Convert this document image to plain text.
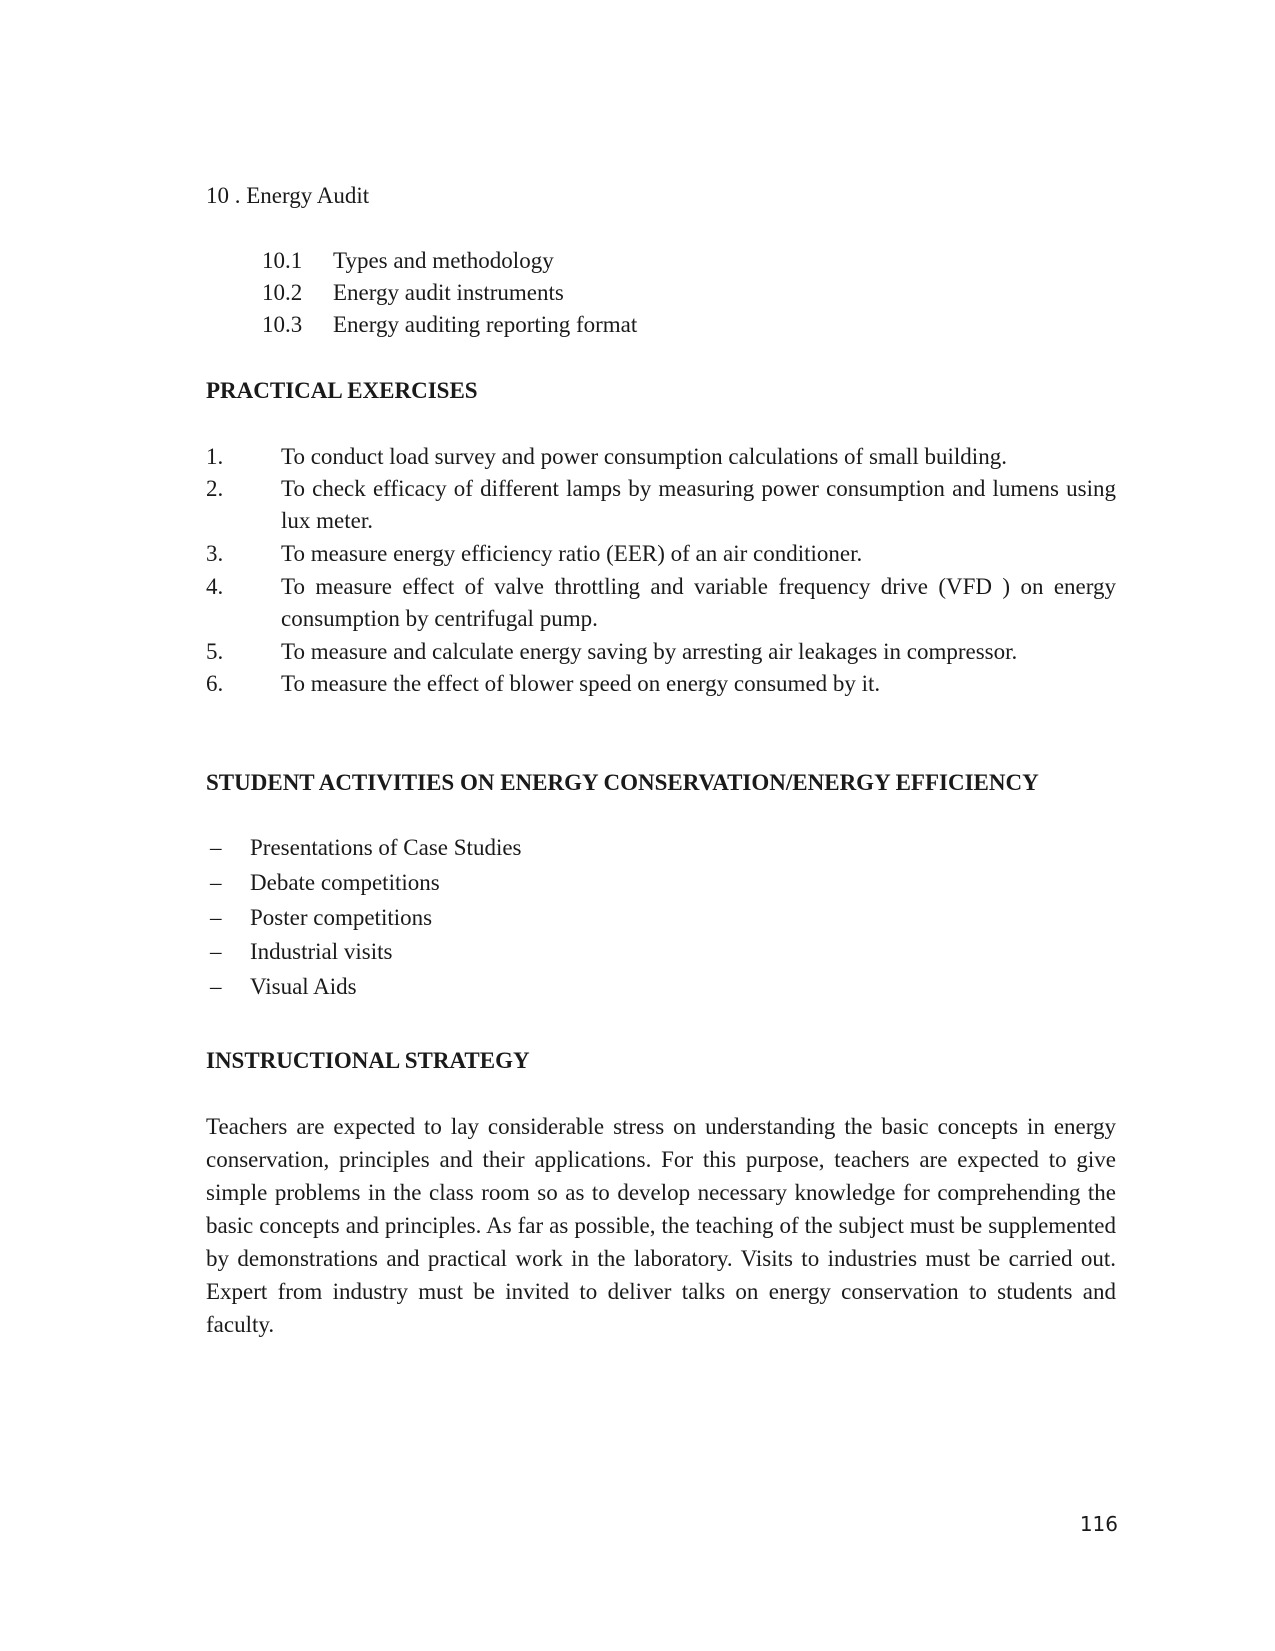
10 . Energy Audit
10.1 Types and methodology
10.2 Energy audit instruments
10.3 Energy auditing reporting format
PRACTICAL EXERCISES
1.	To conduct load survey and power consumption calculations of small building.
2.	To check efficacy of different lamps by measuring power consumption and lumens using lux meter.
3.	To measure energy efficiency ratio (EER) of an air conditioner.
4.	To measure effect of valve throttling and variable frequency drive (VFD ) on energy consumption by centrifugal pump.
5.	To measure and calculate energy saving by arresting air leakages in compressor.
6.	To measure the effect of blower speed on energy consumed by it.
STUDENT ACTIVITIES ON ENERGY CONSERVATION/ENERGY EFFICIENCY
– Presentations of Case Studies
– Debate competitions
– Poster competitions
– Industrial visits
– Visual Aids
INSTRUCTIONAL STRATEGY
Teachers are expected to lay considerable stress on understanding the basic concepts in energy conservation, principles and their applications. For this purpose, teachers are expected to give simple problems in the class room so as to develop necessary knowledge for comprehending the basic concepts and principles. As far as possible, the teaching of the subject must be supplemented by demonstrations and practical work in the laboratory. Visits to industries must be carried out. Expert from industry must be invited to deliver talks on energy conservation to students and faculty.
116
